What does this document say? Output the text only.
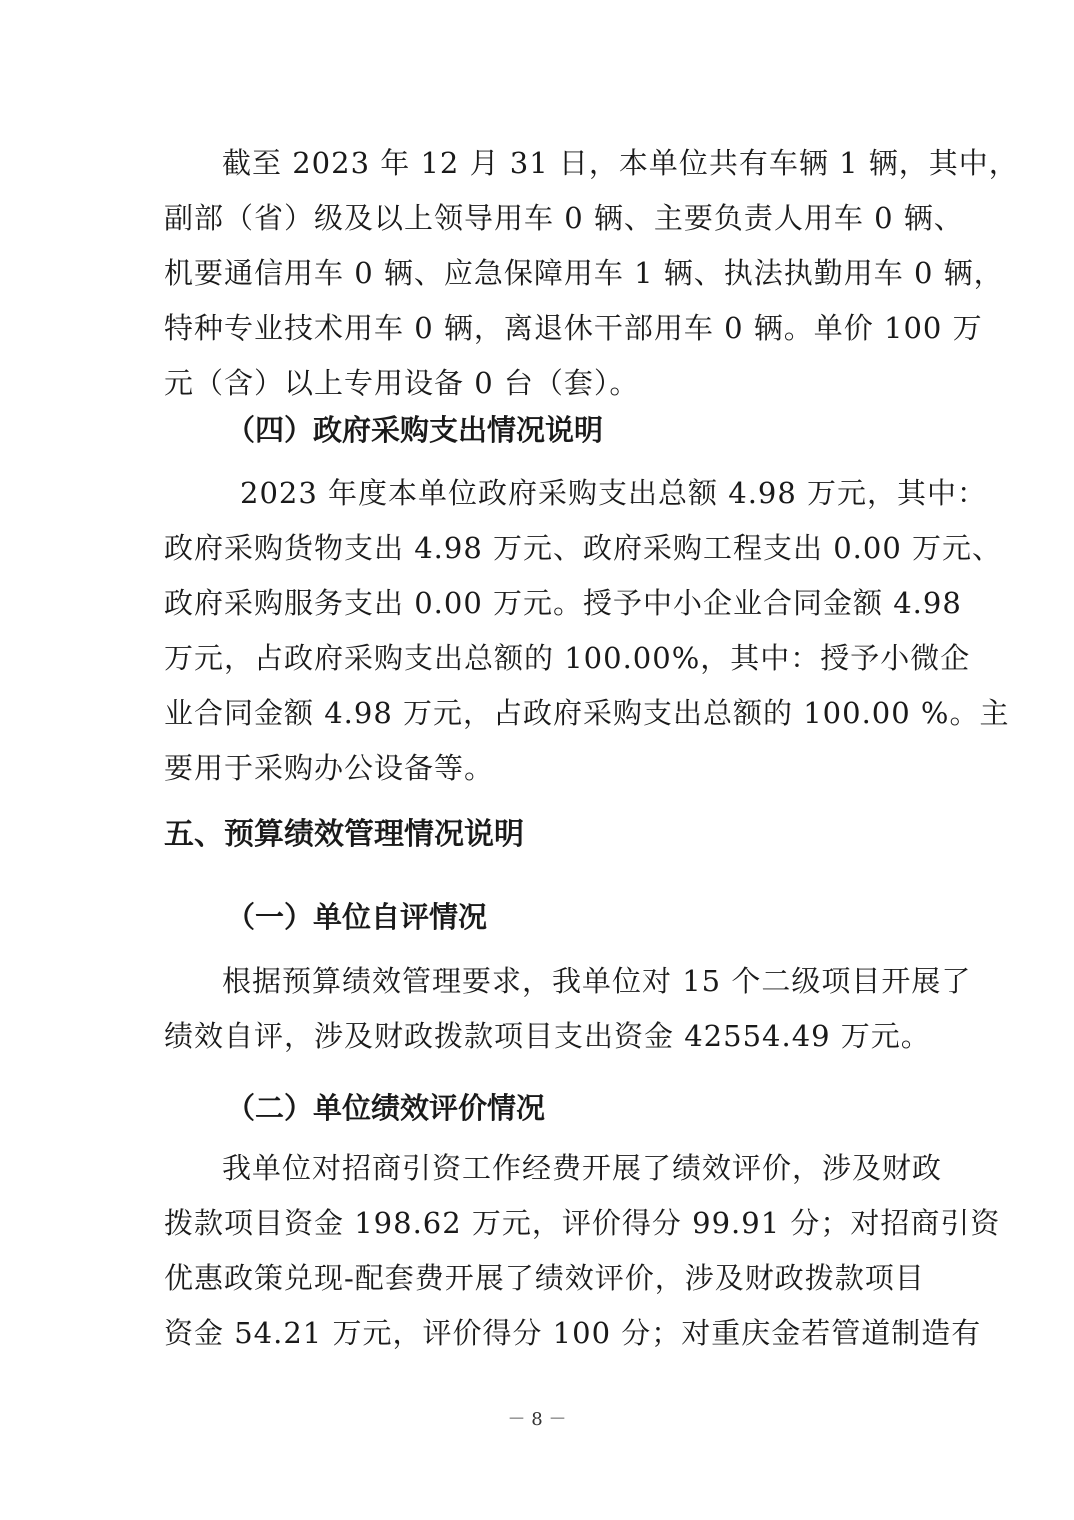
截至 2023 年 12 月 31 日，本单位共有车辆 1 辆，其中，
副部（省）级及以上领导用车 0 辆、主要负责人用车 0 辆、
机要通信用车 0 辆、应急保障用车 1 辆、执法执勤用车 0 辆，
特种专业技术用车 0 辆，离退休干部用车 0 辆。单价 100 万
元（含）以上专用设备 0 台（套）。
（四）政府采购支出情况说明
2023 年度本单位政府采购支出总额 4.98 万元，其中：
政府采购货物支出 4.98 万元、政府采购工程支出 0.00 万元、
政府采购服务支出 0.00 万元。授予中小企业合同金额 4.98
万元，占政府采购支出总额的 100.00%，其中：授予小微企
业合同金额 4.98 万元，占政府采购支出总额的 100.00 %。主
要用于采购办公设备等。
五、预算绩效管理情况说明
（一）单位自评情况
根据预算绩效管理要求，我单位对 15 个二级项目开展了
绩效自评，涉及财政拨款项目支出资金 42554.49 万元。
（二）单位绩效评价情况
我单位对招商引资工作经费开展了绩效评价，涉及财政
拨款项目资金 198.62 万元，评价得分 99.91 分；对招商引资
优惠政策兑现-配套费开展了绩效评价，涉及财政拨款项目
资金 54.21 万元，评价得分 100 分；对重庆金若管道制造有
－ 8 －
